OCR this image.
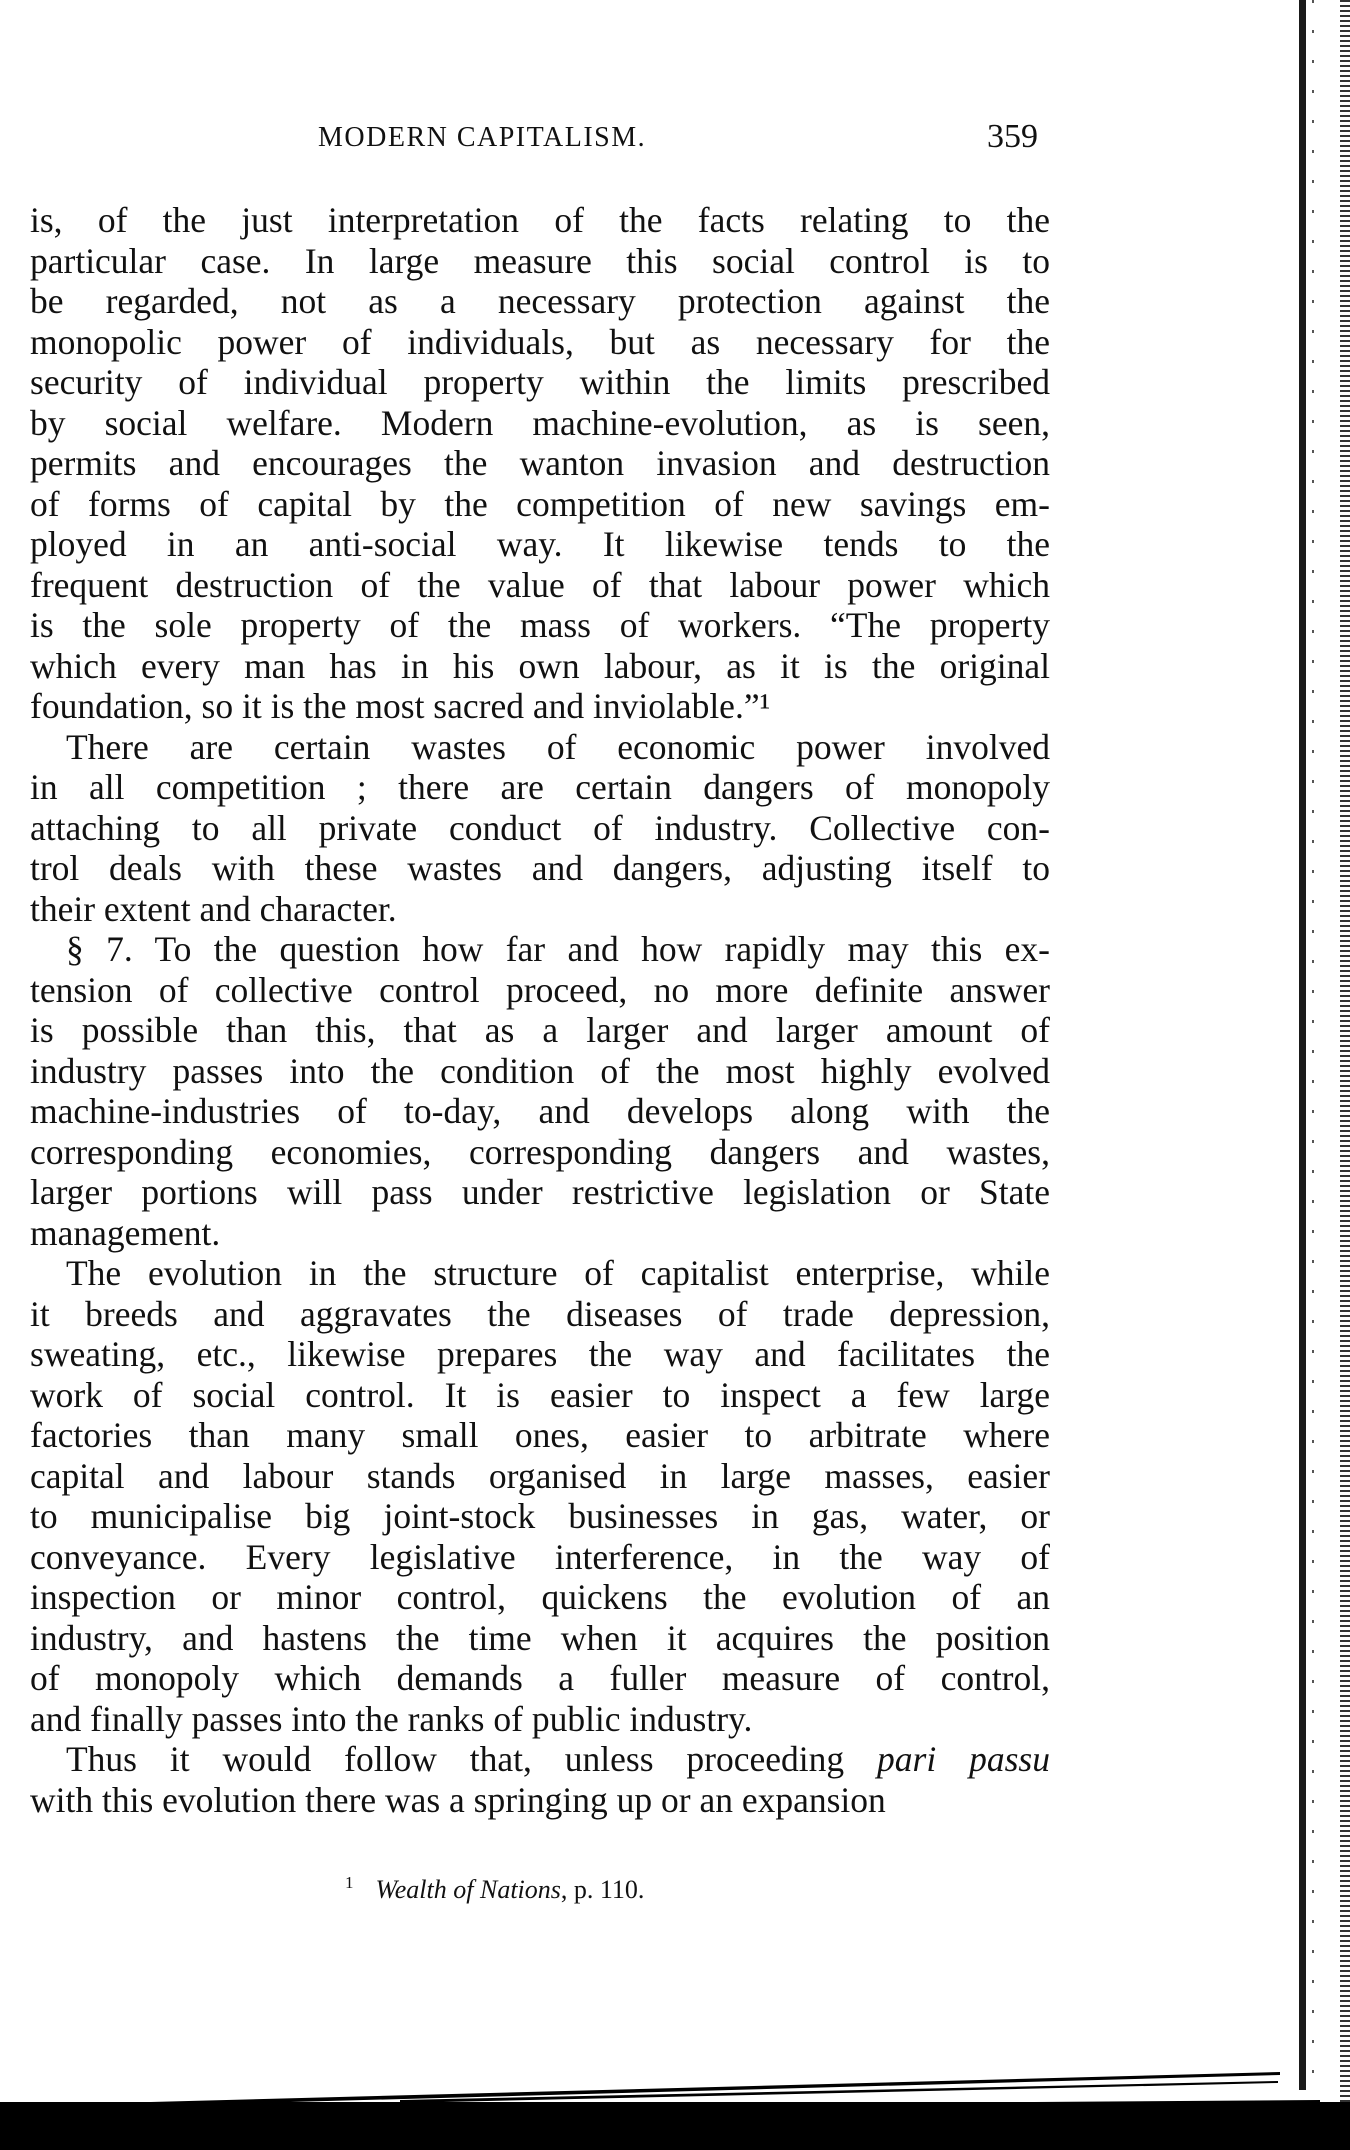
MODERN CAPITALISM.	359
is, of the just interpretation of the facts relating to the
particular case. In large measure this social control is to
be regarded, not as a necessary protection against the
monopolic power of individuals, but as necessary for the
security of individual property within the limits prescribed
by social welfare. Modern machine-evolution, as is seen,
permits and encourages the wanton invasion and destruction
of forms of capital by the competition of new savings em-
ployed in an anti-social way. It likewise tends to the
frequent destruction of the value of that labour power which
is the sole property of the mass of workers. “The property
which every man has in his own labour, as it is the original
foundation, so it is the most sacred and inviolable.”¹
There are certain wastes of economic power involved
in all competition ; there are certain dangers of monopoly
attaching to all private conduct of industry. Collective con-
trol deals with these wastes and dangers, adjusting itself to
their extent and character.
§ 7. To the question how far and how rapidly may this ex-
tension of collective control proceed, no more definite answer
is possible than this, that as a larger and larger amount of
industry passes into the condition of the most highly evolved
machine-industries of to-day, and develops along with the
corresponding economies, corresponding dangers and wastes,
larger portions will pass under restrictive legislation or State
management.
The evolution in the structure of capitalist enterprise, while
it breeds and aggravates the diseases of trade depression,
sweating, etc., likewise prepares the way and facilitates the
work of social control. It is easier to inspect a few large
factories than many small ones, easier to arbitrate where
capital and labour stands organised in large masses, easier
to municipalise big joint-stock businesses in gas, water, or
conveyance. Every legislative interference, in the way of
inspection or minor control, quickens the evolution of an
industry, and hastens the time when it acquires the position
of monopoly which demands a fuller measure of control,
and finally passes into the ranks of public industry.
Thus it would follow that, unless proceeding pari passu
with this evolution there was a springing up or an expansion
$^1$ Wealth of Nations, p. 110.
